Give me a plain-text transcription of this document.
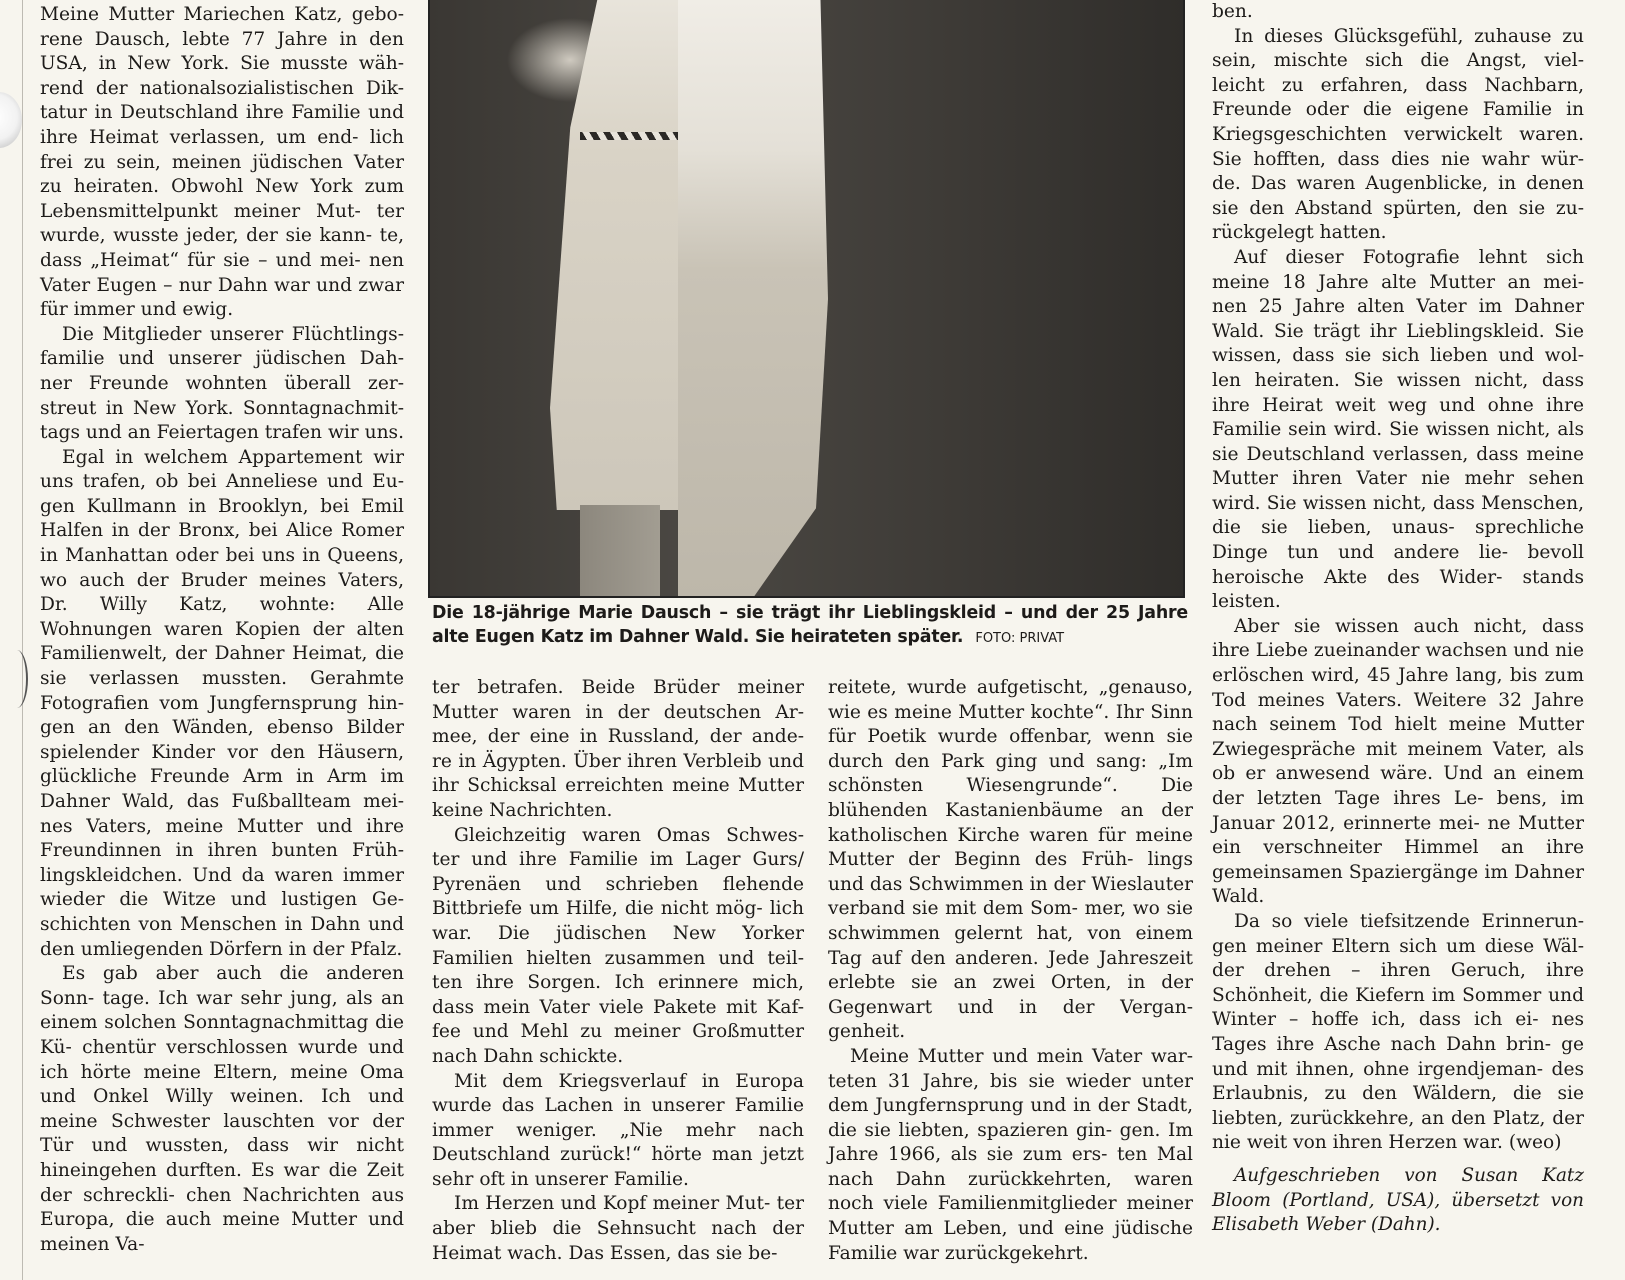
Meine Mutter Mariechen Katz, gebo- rene Dausch, lebte 77 Jahre in den USA, in New York. Sie musste wäh- rend der nationalsozialistischen Dik- tatur in Deutschland ihre Familie und ihre Heimat verlassen, um end- lich frei zu sein, meinen jüdischen Vater zu heiraten. Obwohl New York zum Lebensmittelpunkt meiner Mut- ter wurde, wusste jeder, der sie kann- te, dass „Heimat“ für sie – und mei- nen Vater Eugen – nur Dahn war und zwar für immer und ewig.

Die Mitglieder unserer Flüchtlings- familie und unserer jüdischen Dah- ner Freunde wohnten überall zer- streut in New York. Sonntagnachmit- tags und an Feiertagen trafen wir uns.

Egal in welchem Appartement wir uns trafen, ob bei Anneliese und Eu- gen Kullmann in Brooklyn, bei Emil Halfen in der Bronx, bei Alice Romer in Manhattan oder bei uns in Queens, wo auch der Bruder meines Vaters, Dr. Willy Katz, wohnte: Alle Wohnungen waren Kopien der alten Familienwelt, der Dahner Heimat, die sie verlassen mussten. Gerahmte Fotografien vom Jungfernsprung hin- gen an den Wänden, ebenso Bilder spielender Kinder vor den Häusern, glückliche Freunde Arm in Arm im Dahner Wald, das Fußballteam mei- nes Vaters, meine Mutter und ihre Freundinnen in ihren bunten Früh- lingskleidchen. Und da waren immer wieder die Witze und lustigen Ge- schichten von Menschen in Dahn und den umliegenden Dörfern in der Pfalz.

Es gab aber auch die anderen Sonn- tage. Ich war sehr jung, als an einem solchen Sonntagnachmittag die Kü- chentür verschlossen wurde und ich hörte meine Eltern, meine Oma und Onkel Willy weinen. Ich und meine Schwester lauschten vor der Tür und wussten, dass wir nicht hineingehen durften. Es war die Zeit der schreckli- chen Nachrichten aus Europa, die auch meine Mutter und meinen Va-

Die 18-jährige Marie Dausch – sie trägt ihr Lieblingskleid – und der 25 Jahre alte Eugen Katz im Dahner Wald. Sie heirateten später. FOTO: PRIVAT

ter betrafen. Beide Brüder meiner Mutter waren in der deutschen Ar- mee, der eine in Russland, der ande- re in Ägypten. Über ihren Verbleib und ihr Schicksal erreichten meine Mutter keine Nachrichten.

Gleichzeitig waren Omas Schwes- ter und ihre Familie im Lager Gurs/ Pyrenäen und schrieben flehende Bittbriefe um Hilfe, die nicht mög- lich war. Die jüdischen New Yorker Familien hielten zusammen und teil- ten ihre Sorgen. Ich erinnere mich, dass mein Vater viele Pakete mit Kaf- fee und Mehl zu meiner Großmutter nach Dahn schickte.

Mit dem Kriegsverlauf in Europa wurde das Lachen in unserer Familie immer weniger. „Nie mehr nach Deutschland zurück!“ hörte man jetzt sehr oft in unserer Familie.

Im Herzen und Kopf meiner Mut- ter aber blieb die Sehnsucht nach der Heimat wach. Das Essen, das sie be-

reitete, wurde aufgetischt, „genauso, wie es meine Mutter kochte“. Ihr Sinn für Poetik wurde offenbar, wenn sie durch den Park ging und sang: „Im schönsten Wiesengrunde“. Die blühenden Kastanienbäume an der katholischen Kirche waren für meine Mutter der Beginn des Früh- lings und das Schwimmen in der Wieslauter verband sie mit dem Som- mer, wo sie schwimmen gelernt hat, von einem Tag auf den anderen. Jede Jahreszeit erlebte sie an zwei Orten, in der Gegenwart und in der Vergan- genheit.

Meine Mutter und mein Vater war- teten 31 Jahre, bis sie wieder unter dem Jungfernsprung und in der Stadt, die sie liebten, spazieren gin- gen. Im Jahre 1966, als sie zum ers- ten Mal nach Dahn zurückkehrten, waren noch viele Familienmitglieder meiner Mutter am Leben, und eine jüdische Familie war zurückgekehrt.

ben.

In dieses Glücksgefühl, zuhause zu sein, mischte sich die Angst, viel- leicht zu erfahren, dass Nachbarn, Freunde oder die eigene Familie in Kriegsgeschichten verwickelt waren. Sie hofften, dass dies nie wahr wür- de. Das waren Augenblicke, in denen sie den Abstand spürten, den sie zu- rückgelegt hatten.

Auf dieser Fotografie lehnt sich meine 18 Jahre alte Mutter an mei- nen 25 Jahre alten Vater im Dahner Wald. Sie trägt ihr Lieblingskleid. Sie wissen, dass sie sich lieben und wol- len heiraten. Sie wissen nicht, dass ihre Heirat weit weg und ohne ihre Familie sein wird. Sie wissen nicht, als sie Deutschland verlassen, dass meine Mutter ihren Vater nie mehr sehen wird. Sie wissen nicht, dass Menschen, die sie lieben, unaus- sprechliche Dinge tun und andere lie- bevoll heroische Akte des Wider- stands leisten.

Aber sie wissen auch nicht, dass ihre Liebe zueinander wachsen und nie erlöschen wird, 45 Jahre lang, bis zum Tod meines Vaters. Weitere 32 Jahre nach seinem Tod hielt meine Mutter Zwiegespräche mit meinem Vater, als ob er anwesend wäre. Und an einem der letzten Tage ihres Le- bens, im Januar 2012, erinnerte mei- ne Mutter ein verschneiter Himmel an ihre gemeinsamen Spaziergänge im Dahner Wald.

Da so viele tiefsitzende Erinnerun- gen meiner Eltern sich um diese Wäl- der drehen – ihren Geruch, ihre Schönheit, die Kiefern im Sommer und Winter – hoffe ich, dass ich ei- nes Tages ihre Asche nach Dahn brin- ge und mit ihnen, ohne irgendjeman- des Erlaubnis, zu den Wäldern, die sie liebten, zurückkehre, an den Platz, der nie weit von ihren Herzen war. (weo)

Aufgeschrieben von Susan Katz Bloom (Portland, USA), übersetzt von Elisabeth Weber (Dahn).
